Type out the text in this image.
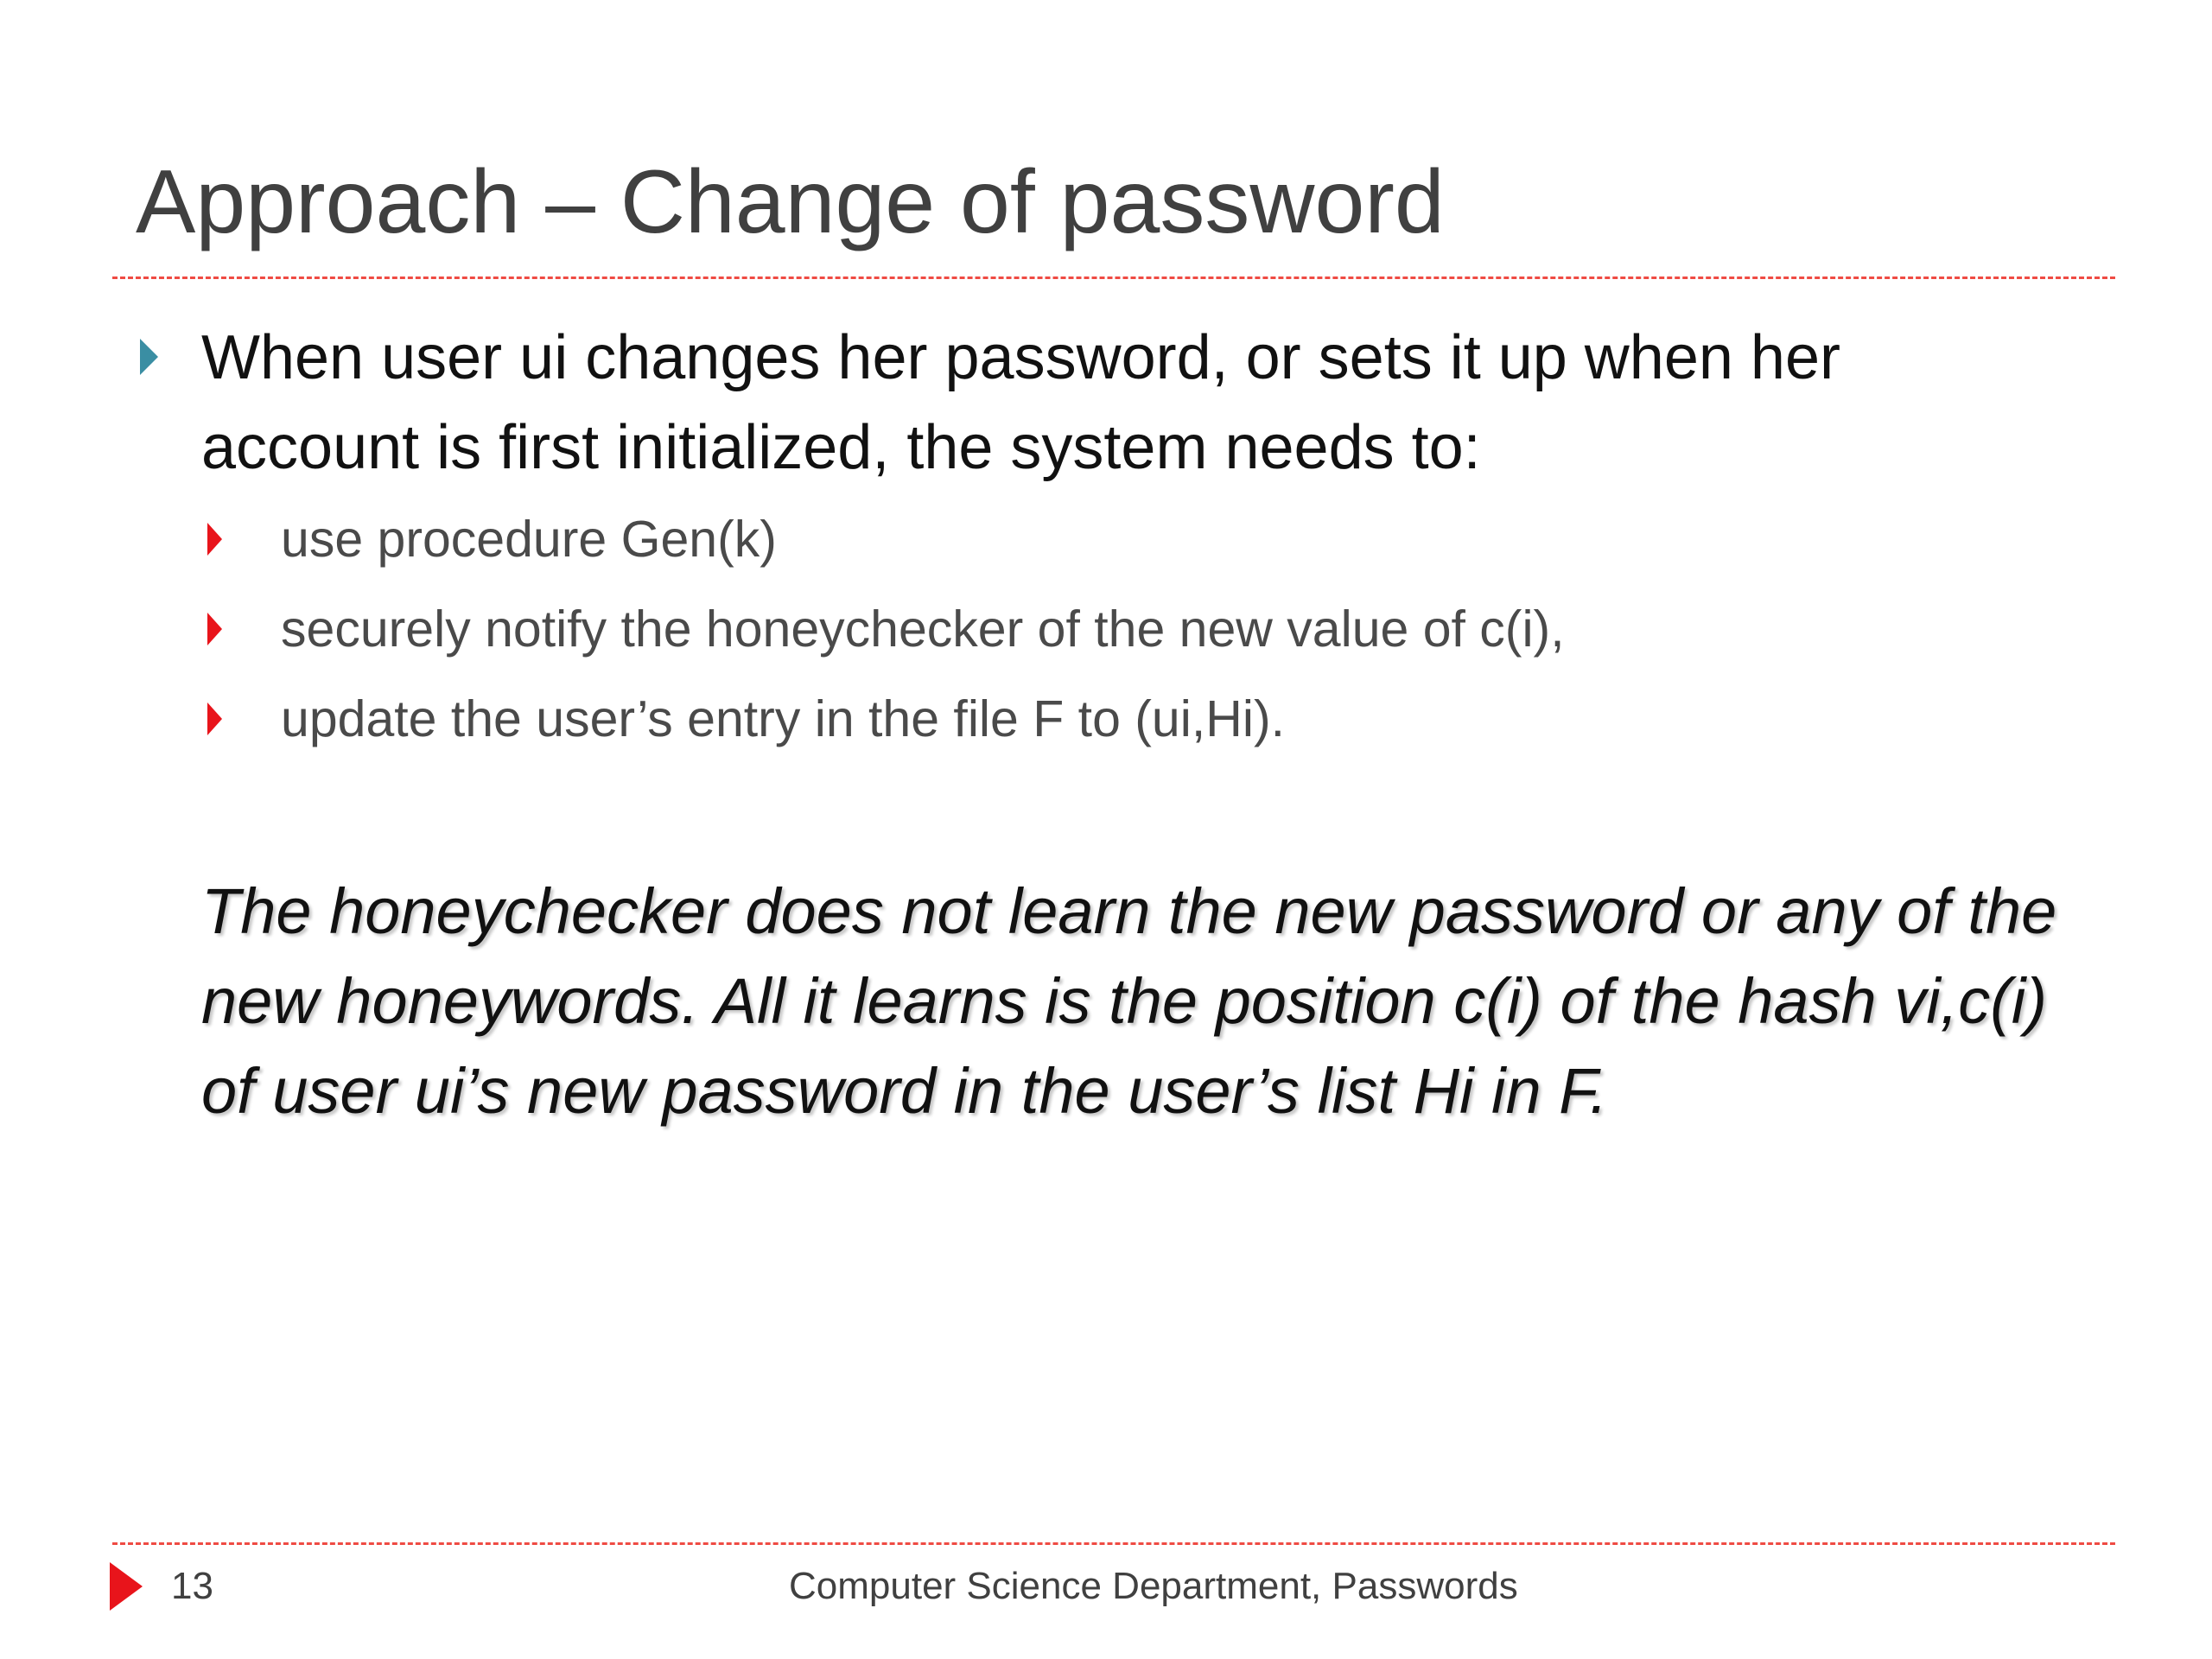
Approach – Change of password

When user ui changes her password, or sets it up when her account is first initialized, the system needs to:

use procedure Gen(k)

securely notify the honeychecker of the new value of c(i),

update the user’s entry in the file F to (ui,Hi).

The honeychecker does not learn the new password or any of the new honeywords. All it learns is the position c(i) of the hash vi,c(i) of user ui’s new password in the user’s list Hi in F.

13	Computer Science Department, Passwords
